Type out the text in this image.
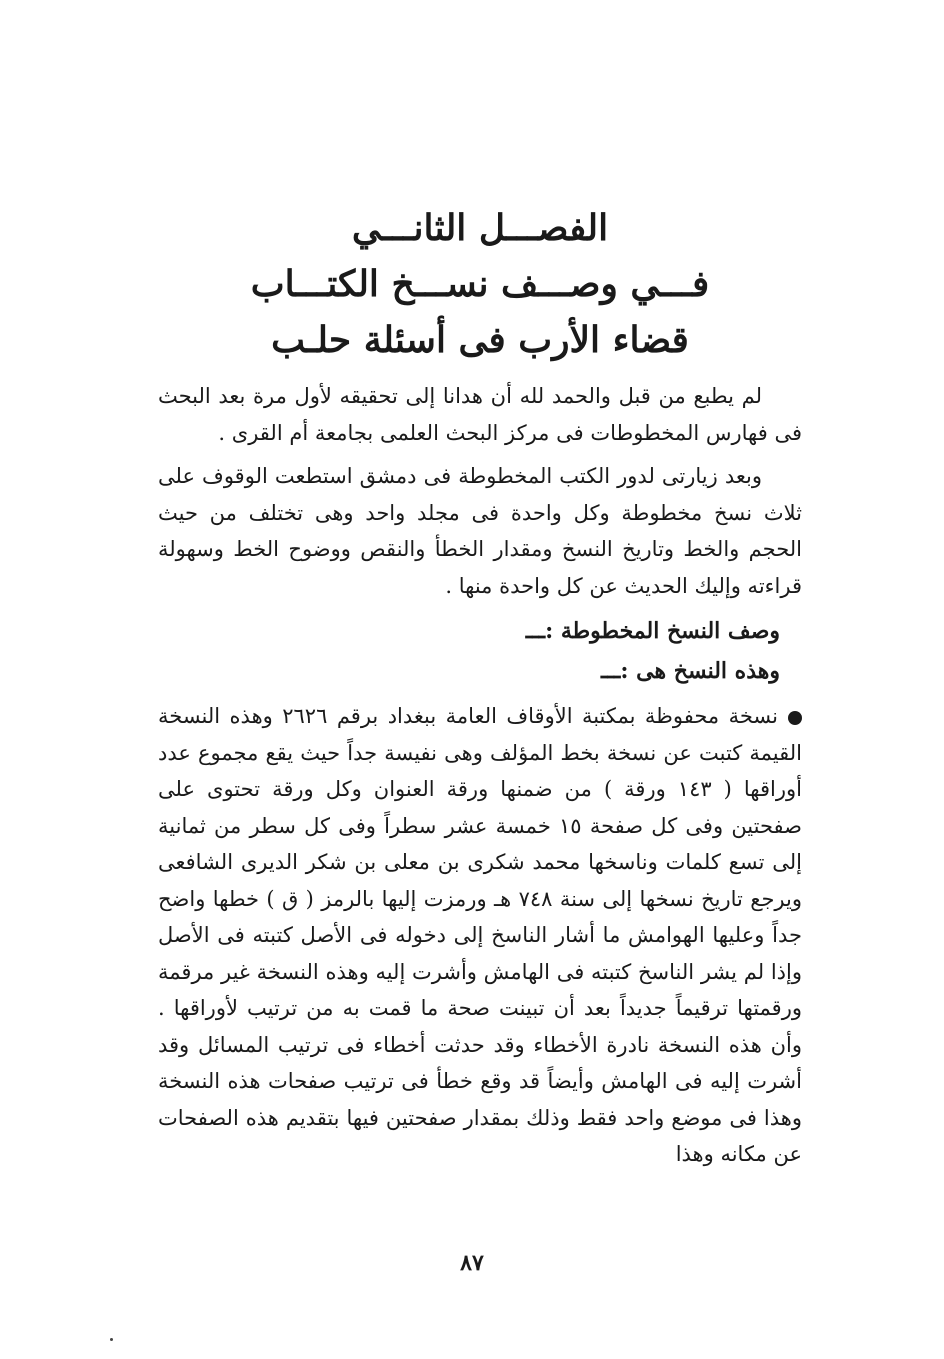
الفصـــل الثانـــي
فـــي وصـــف نســـخ الكتـــاب
قضاء الأرب فى أسئلة حلـب

لم يطبع من قبل والحمد لله أن هدانا إلى تحقيقه لأول مرة بعد البحث فى فهارس المخطوطات فى مركز البحث العلمى بجامعة أم القرى .

وبعد زيارتى لدور الكتب المخطوطة فى دمشق استطعت الوقوف على ثلاث نسخ مخطوطة وكل واحدة فى مجلد واحد وهى تختلف من حيث الحجم والخط وتاريخ النسخ ومقدار الخطأ والنقص ووضوح الخط وسهولة قراءته وإليك الحديث عن كل واحدة منها .

وصف النسخ المخطوطة :ـــ

وهذه النسخ هى :ـــ

نسخة محفوظة بمكتبة الأوقاف العامة ببغداد برقم ٢٦٢٦ وهذه النسخة القيمة كتبت عن نسخة بخط المؤلف وهى نفيسة جداً حيث يقع مجموع عدد أوراقها ( ١٤٣ ورقة ) من ضمنها ورقة العنوان وكل ورقة تحتوى على صفحتين وفى كل صفحة ١٥ خمسة عشر سطراً وفى كل سطر من ثمانية إلى تسع كلمات وناسخها محمد شكرى بن معلى بن شكر الديرى الشافعى ويرجع تاريخ نسخها إلى سنة ٧٤٨ هـ ورمزت إليها بالرمز ( ق ) خطها واضح جداً وعليها الهوامش ما أشار الناسخ إلى دخوله فى الأصل كتبته فى الأصل وإذا لم يشر الناسخ كتبته فى الهامش وأشرت إليه وهذه النسخة غير مرقمة ورقمتها ترقيماً جديداً بعد أن تبينت صحة ما قمت به من ترتيب لأوراقها . وأن هذه النسخة نادرة الأخطاء وقد حدثت أخطاء فى ترتيب المسائل وقد أشرت إليه فى الهامش وأيضاً قد وقع خطأ فى ترتيب صفحات هذه النسخة وهذا فى موضع واحد فقط وذلك بمقدار صفحتين فيها بتقديم هذه الصفحات عن مكانه وهذا

٨٧
